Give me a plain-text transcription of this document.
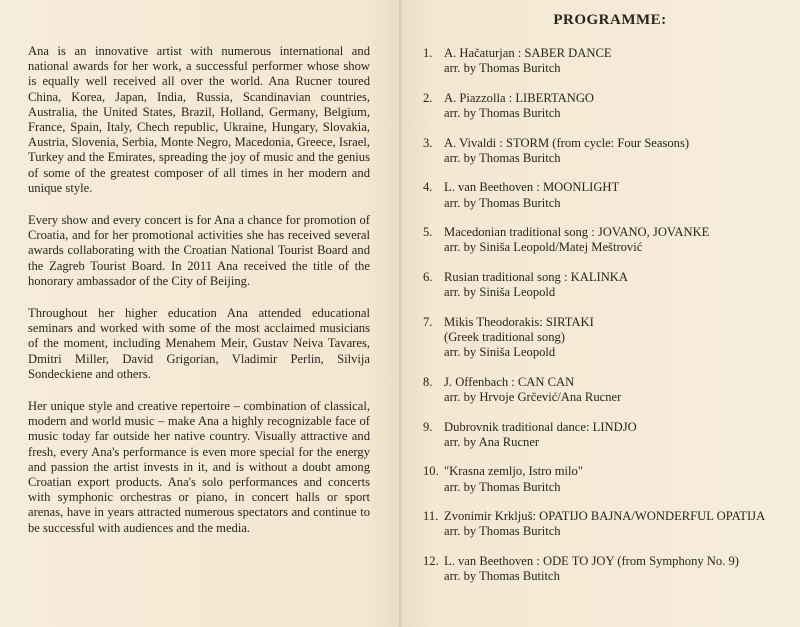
Ana is an innovative artist with numerous international and national awards for her work, a successful performer whose show is equally well received all over the world. Ana Rucner toured China, Korea, Japan, India, Russia, Scandinavian countries, Australia, the United States, Brazil, Holland, Germany, Belgium, France, Spain, Italy, Chech republic, Ukraine, Hungary, Slovakia, Austria, Slovenia, Serbia, Monte Negro, Macedonia, Greece, Israel, Turkey and the Emirates, spreading the joy of music and the genius of some of the greatest composer of all times in her modern and unique style.

Every show and every concert is for Ana a chance for promotion of Croatia, and for her promotional activities she has received several awards collaborating with the Croatian National Tourist Board and the Zagreb Tourist Board. In 2011 Ana received the title of the honorary ambassador of the City of Beijing.

Throughout her higher education Ana attended educational seminars and worked with some of the most acclaimed musicians of the moment, including Menahem Meir, Gustav Neiva Tavares, Dmitri Miller, David Grigorian, Vladimir Perlin, Silvija Sondeckiene and others.

Her unique style and creative repertoire – combination of classical, modern and world music – make Ana a highly recognizable face of music today far outside her native country. Visually attractive and fresh, every Ana's performance is even more special for the energy and passion the artist invests in it, and is without a doubt among Croatian export products. Ana's solo performances and concerts with symphonic orchestras or piano, in concert halls or sport arenas, have in years attracted numerous spectators and continue to be successful with audiences and the media.

PROGRAMME:
1. A. Hačaturjan : SABER DANCE
arr. by Thomas Buritch
2. A. Piazzolla : LIBERTANGO
arr. by Thomas Buritch
3. A. Vivaldi : STORM (from cycle: Four Seasons)
arr. by Thomas Buritch
4. L. van Beethoven : MOONLIGHT
arr. by Thomas Buritch
5. Macedonian traditional song : JOVANO, JOVANKE
arr. by Siniša Leopold/Matej Meštrović
6. Rusian traditional song : KALINKA
arr. by Siniša Leopold
7. Mikis Theodorakis: SIRTAKI
(Greek traditional song)
arr. by Siniša Leopold
8. J. Offenbach : CAN CAN
arr. by Hrvoje Grčević/Ana Rucner
9. Dubrovnik traditional dance: LINDJO
arr. by Ana Rucner
10. "Krasna zemljo, Istro milo"
arr. by Thomas Buritch
11. Zvonimir Krkljuš: OPATIJO BAJNA/WONDERFUL OPATIJA
arr. by Thomas Buritch
12. L. van Beethoven : ODE TO JOY (from Symphony No. 9)
arr. by Thomas Butitch
